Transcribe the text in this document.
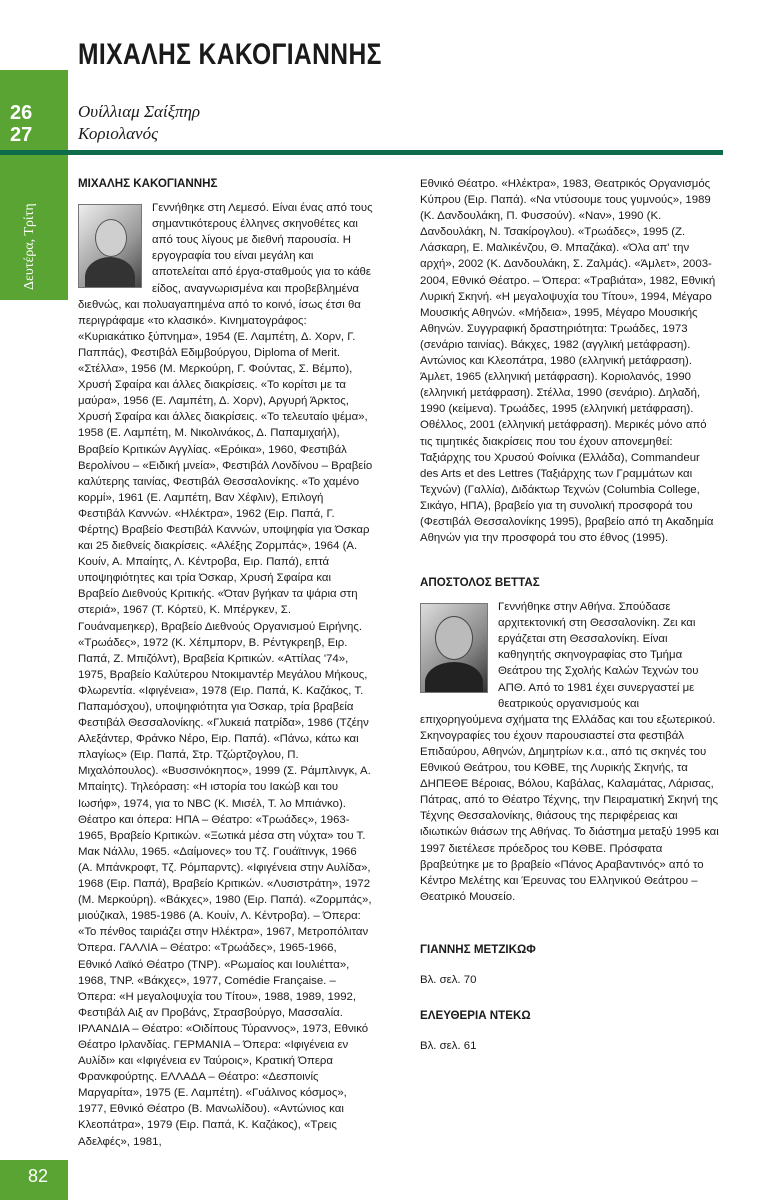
26
27
Δευτέρα, Τρίτη
82
ΜΙΧΑΛΗΣ ΚΑΚΟΓΙΑΝΝΗΣ
Ουίλλιαμ Σαίξπηρ
Κοριολανός
ΜΙΧΑΛΗΣ ΚΑΚΟΓΙΑΝΝΗΣ

Γεννήθηκε στη Λεμεσό. Είναι ένας από τους σημαντικότερους έλληνες σκηνοθέτες και από τους λίγους με διεθνή παρουσία. Η εργογραφία του είναι μεγάλη και αποτελείται από έργα-σταθμούς για το κάθε είδος, αναγνωρισμένα και προβεβλημένα διεθνώς, και πολυαγαπημένα από το κοινό, ίσως έτσι θα περιγράφαμε «το κλασικό». Κινηματογράφος: «Κυριακάτικο ξύπνημα», 1954 (Ε. Λαμπέτη, Δ. Χορν, Γ. Παππάς), Φεστιβάλ Εδιμβούργου, Diploma of Merit. «Στέλλα», 1956 (Μ. Μερκούρη, Γ. Φούντας, Σ. Βέμπο), Χρυσή Σφαίρα και άλλες διακρίσεις. «Το κορίτσι με τα μαύρα», 1956 (Ε. Λαμπέτη, Δ. Χορν), Αργυρή Άρκτος, Χρυσή Σφαίρα και άλλες διακρίσεις. «Το τελευταίο ψέμα», 1958 (Ε. Λαμπέτη, Μ. Νικολινάκος, Δ. Παπαμιχαήλ), Βραβείο Κριτικών Αγγλίας. «Ερόικα», 1960, Φεστιβάλ Βερολίνου – «Ειδική μνεία», Φεστιβάλ Λονδίνου – Βραβείο καλύτερης ταινίας, Φεστιβάλ Θεσσαλονίκης. «Το χαμένο κορμί», 1961 (Ε. Λαμπέτη, Βαν Χέφλιν), Επιλογή Φεστιβάλ Καννών. «Ηλέκτρα», 1962 (Ειρ. Παπά, Γ. Φέρτης) Βραβείο Φεστιβάλ Καννών, υποψηφία για Όσκαρ και 25 διεθνείς διακρίσεις. «Αλέξης Ζορμπάς», 1964 (Α. Κουίν, Α. Μπαίητς, Λ. Κέντροβα, Ειρ. Παπά), επτά υποψηφιότητες και τρία Όσκαρ, Χρυσή Σφαίρα και Βραβείο Διεθνούς Κριτικής. «Όταν βγήκαν τα ψάρια στη στεριά», 1967 (Τ. Κόρτεϋ, Κ. Μπέργκεν, Σ. Γουάναμεηκερ), Βραβείο Διεθνούς Οργανισμού Ειρήνης. «Τρωάδες», 1972 (Κ. Χέπμπορν, Β. Ρέντγκρεηβ, Ειρ. Παπά, Ζ. Μπιζόλντ), Βραβεία Κριτικών. «Αττίλας '74», 1975, Βραβείο Καλύτερου Ντοκιμαντέρ Μεγάλου Μήκους, Φλωρεντία. «Ιφιγένεια», 1978 (Ειρ. Παπά, Κ. Καζάκος, Τ. Παπαμόσχου), υποψηφιότητα για Όσκαρ, τρία βραβεία Φεστιβάλ Θεσσαλονίκης. «Γλυκειά πατρίδα», 1986 (Τζέην Αλεξάντερ, Φράνκο Νέρο, Ειρ. Παπά). «Πάνω, κάτω και πλαγίως» (Ειρ. Παπά, Στρ. Τζώρτζογλου, Π. Μιχαλόπουλος). «Βυσσινόκηπος», 1999 (Σ. Ράμπλινγκ, Α. Μπαίητς). Τηλεόραση: «Η ιστορία του Ιακώβ και του Ιωσήφ», 1974, για το NBC (Κ. Μισέλ, Τ. λο Μπιάνκο). Θέατρο και όπερα: ΗΠΑ – Θέατρο: «Τρωάδες», 1963-1965, Βραβείο Κριτικών. «Ξωτικά μέσα στη νύχτα» του Τ. Μακ Νάλλυ, 1965. «Δαίμονες» του Τζ. Γουάϊτινγκ, 1966 (Α. Μπάνκροφτ, Τζ. Ρόμπαρντς). «Ιφιγένεια στην Αυλίδα», 1968 (Ειρ. Παπά), Βραβείο Κριτικών. «Λυσιστράτη», 1972 (Μ. Μερκούρη). «Βάκχες», 1980 (Ειρ. Παπά). «Ζορμπάς», μιούζικαλ, 1985-1986 (Α. Κουίν, Λ. Κέντροβα). – Όπερα: «Το πένθος ταιριάζει στην Ηλέκτρα», 1967, Μετροπόλιταν Όπερα. ΓΑΛΛΙΑ – Θέατρο: «Τρωάδες», 1965-1966, Εθνικό Λαϊκό Θέατρο (TNP). «Ρωμαίος και Ιουλιέττα», 1968, TNP. «Βάκχες», 1977, Comédie Française. – Όπερα: «Η μεγαλοψυχία του Τίτου», 1988, 1989, 1992, Φεστιβάλ Αιξ αν Προβάνς, Στρασβούργο, Μασσαλία. ΙΡΛΑΝΔΙΑ – Θέατρο: «Οιδίπους Τύραννος», 1973, Εθνικό Θέατρο Ιρλανδίας. ΓΕΡΜΑΝΙΑ – Όπερα: «Ιφιγένεια εν Αυλίδι» και «Ιφιγένεια εν Ταύροις», Κρατική Όπερα Φρανκφούρτης. ΕΛΛΑΔΑ – Θέατρο: «Δεσποινίς Μαργαρίτα», 1975 (Ε. Λαμπέτη). «Γυάλινος κόσμος», 1977, Εθνικό Θέατρο (Β. Μανωλίδου). «Αντώνιος και Κλεοπάτρα», 1979 (Ειρ. Παπά, Κ. Καζάκος), «Τρεις Αδελφές», 1981,

Εθνικό Θέατρο. «Ηλέκτρα», 1983, Θεατρικός Οργανισμός Κύπρου (Ειρ. Παπά). «Να ντύσουμε τους γυμνούς», 1989 (Κ. Δανδουλάκη, Π. Φυσσούν). «Ναν», 1990 (Κ. Δανδουλάκη, Ν. Τσακίρογλου). «Τρωάδες», 1995 (Ζ. Λάσκαρη, Ε. Μαλικένζου, Θ. Μπαζάκα). «Όλα απ' την αρχή», 2002 (Κ. Δανδουλάκη, Σ. Ζαλμάς). «Άμλετ», 2003-2004, Εθνικό Θέατρο. – Όπερα: «Τραβιάτα», 1982, Εθνική Λυρική Σκηνή. «Η μεγαλοψυχία του Τίτου», 1994, Μέγαρο Μουσικής Αθηνών. «Μήδεια», 1995, Μέγαρο Μουσικής Αθηνών. Συγγραφική δραστηριότητα: Τρωάδες, 1973 (σενάριο ταινίας). Βάκχες, 1982 (αγγλική μετάφραση). Αντώνιος και Κλεοπάτρα, 1980 (ελληνική μετάφραση). Άμλετ, 1965 (ελληνική μετάφραση). Κοριολανός, 1990 (ελληνική μετάφραση). Στέλλα, 1990 (σενάριο). Δηλαδή, 1990 (κείμενα). Τρωάδες, 1995 (ελληνική μετάφραση). Οθέλλος, 2001 (ελληνική μετάφραση). Μερικές μόνο από τις τιμητικές διακρίσεις που του έχουν απονεμηθεί: Ταξιάρχης του Χρυσού Φοίνικα (Ελλάδα), Commandeur des Arts et des Lettres (Ταξιάρχης των Γραμμάτων και Τεχνών) (Γαλλία), Διδάκτωρ Τεχνών (Columbia College, Σικάγο, ΗΠΑ), βραβείο για τη συνολική προσφορά του (Φεστιβάλ Θεσσαλονίκης 1995), βραβείο από τη Ακαδημία Αθηνών για την προσφορά του στο έθνος (1995).

ΑΠΟΣΤΟΛΟΣ ΒΕΤΤΑΣ

Γεννήθηκε στην Αθήνα. Σπούδασε αρχιτεκτονική στη Θεσσαλονίκη. Ζει και εργάζεται στη Θεσσαλονίκη. Είναι καθηγητής σκηνογραφίας στο Τμήμα Θεάτρου της Σχολής Καλών Τεχνών του ΑΠΘ. Από το 1981 έχει συνεργαστεί με θεατρικούς οργανισμούς και επιχορηγούμενα σχήματα της Ελλάδας και του εξωτερικού. Σκηνογραφίες του έχουν παρουσιαστεί στα φεστιβάλ Επιδαύρου, Αθηνών, Δημητρίων κ.α., από τις σκηνές του Εθνικού Θεάτρου, του ΚΘΒΕ, της Λυρικής Σκηνής, τα ΔΗΠΕΘΕ Βέροιας, Βόλου, Καβάλας, Καλαμάτας, Λάρισας, Πάτρας, από το Θέατρο Τέχνης, την Πειραματική Σκηνή της Τέχνης Θεσσαλονίκης, θιάσους της περιφέρειας και ιδιωτικών θιάσων της Αθήνας. Το διάστημα μεταξύ 1995 και 1997 διετέλεσε πρόεδρος του ΚΘΒΕ. Πρόσφατα βραβεύτηκε με το βραβείο «Πάνος Αραβαντινός» από το Κέντρο Μελέτης και Έρευνας του Ελληνικού Θεάτρου – Θεατρικό Μουσείο.

ΓΙΑΝΝΗΣ ΜΕΤΖΙΚΩΦ
Βλ. σελ. 70
ΕΛΕΥΘΕΡΙΑ ΝΤΕΚΩ
Βλ. σελ. 61
